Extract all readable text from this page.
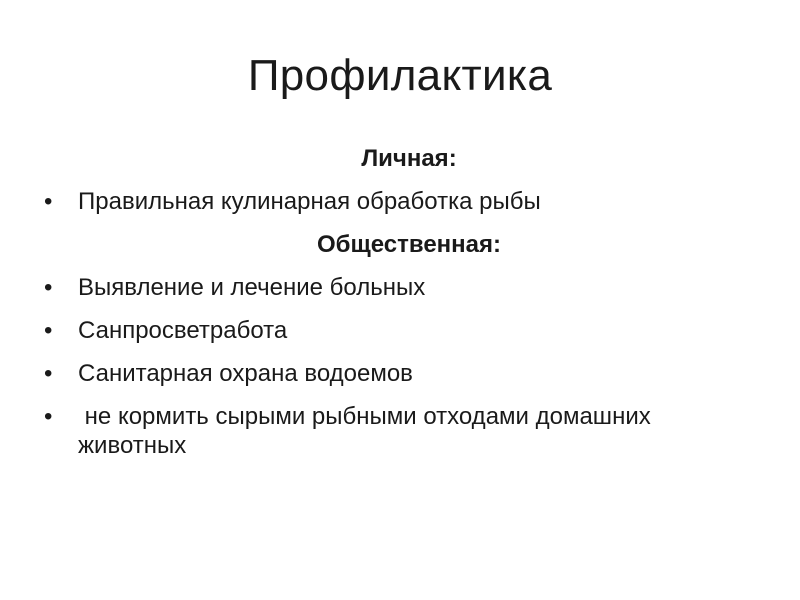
Профилактика
Личная:
• Правильная кулинарная обработка рыбы
Общественная:
• Выявление и лечение больных
• Санпросветработа
• Санитарная охрана водоемов
• не кормить сырыми рыбными отходами домашних животных
